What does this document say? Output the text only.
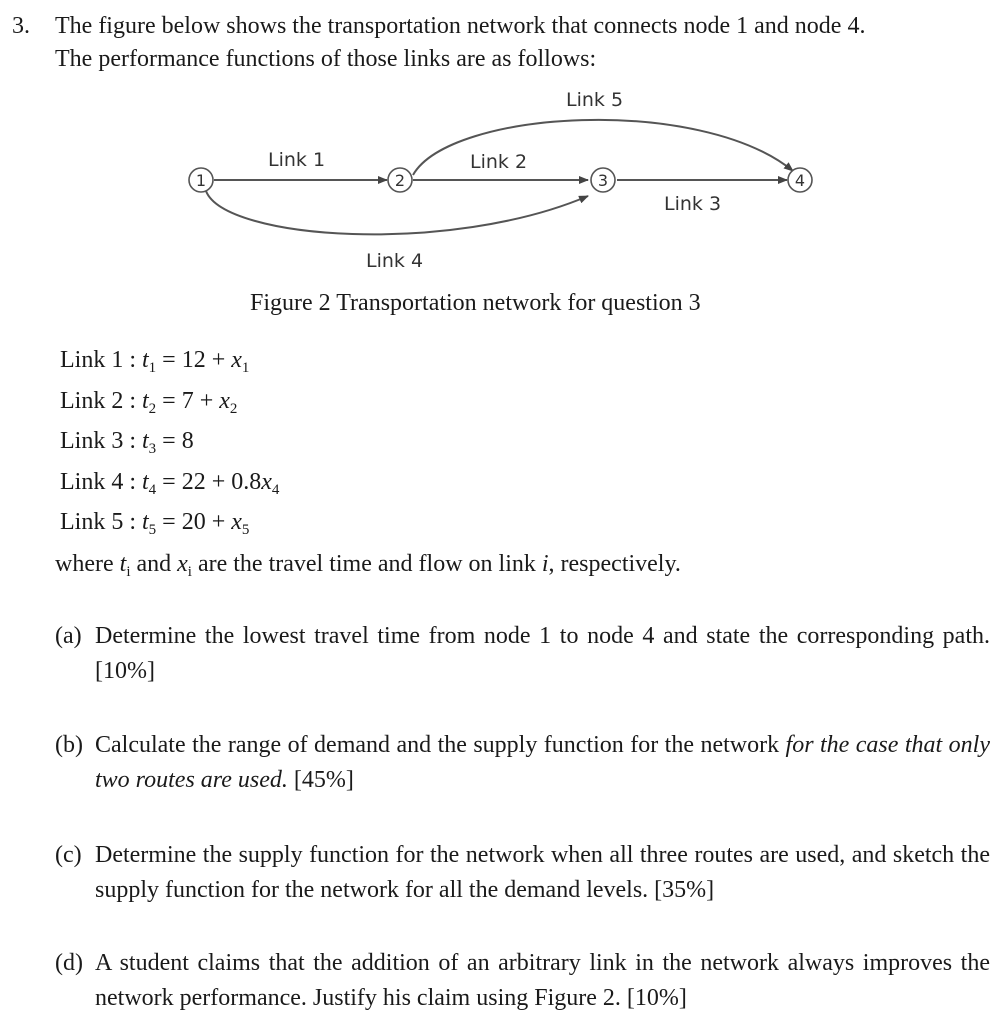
3. The figure below shows the transportation network that connects node 1 and node 4.
The performance functions of those links are as follows:
1	2	3	4
Link 1	Link 2
Link 3
Link 4
Link 5
Figure 2 Transportation network for question 3
Link 1 : $t_1 = 12 + x_1$
Link 2 : $t_2 = 7 + x_2$
Link 3 : $t_3 = 8$
Link 4 : $t_4 = 22 + 0.8x_4$
Link 5 : $t_5 = 20 + x_5$
where $t_i$ and $x_i$ are the travel time and flow on link i, respectively.
(a) Determine the lowest travel time from node 1 to node 4 and state the corresponding path. [10%]
(b) Calculate the range of demand and the supply function for the network for the case that only two routes are used. [45%]
(c) Determine the supply function for the network when all three routes are used, and sketch the supply function for the network for all the demand levels. [35%]
(d) A student claims that the addition of an arbitrary link in the network always improves the network performance. Justify his claim using Figure 2. [10%]
